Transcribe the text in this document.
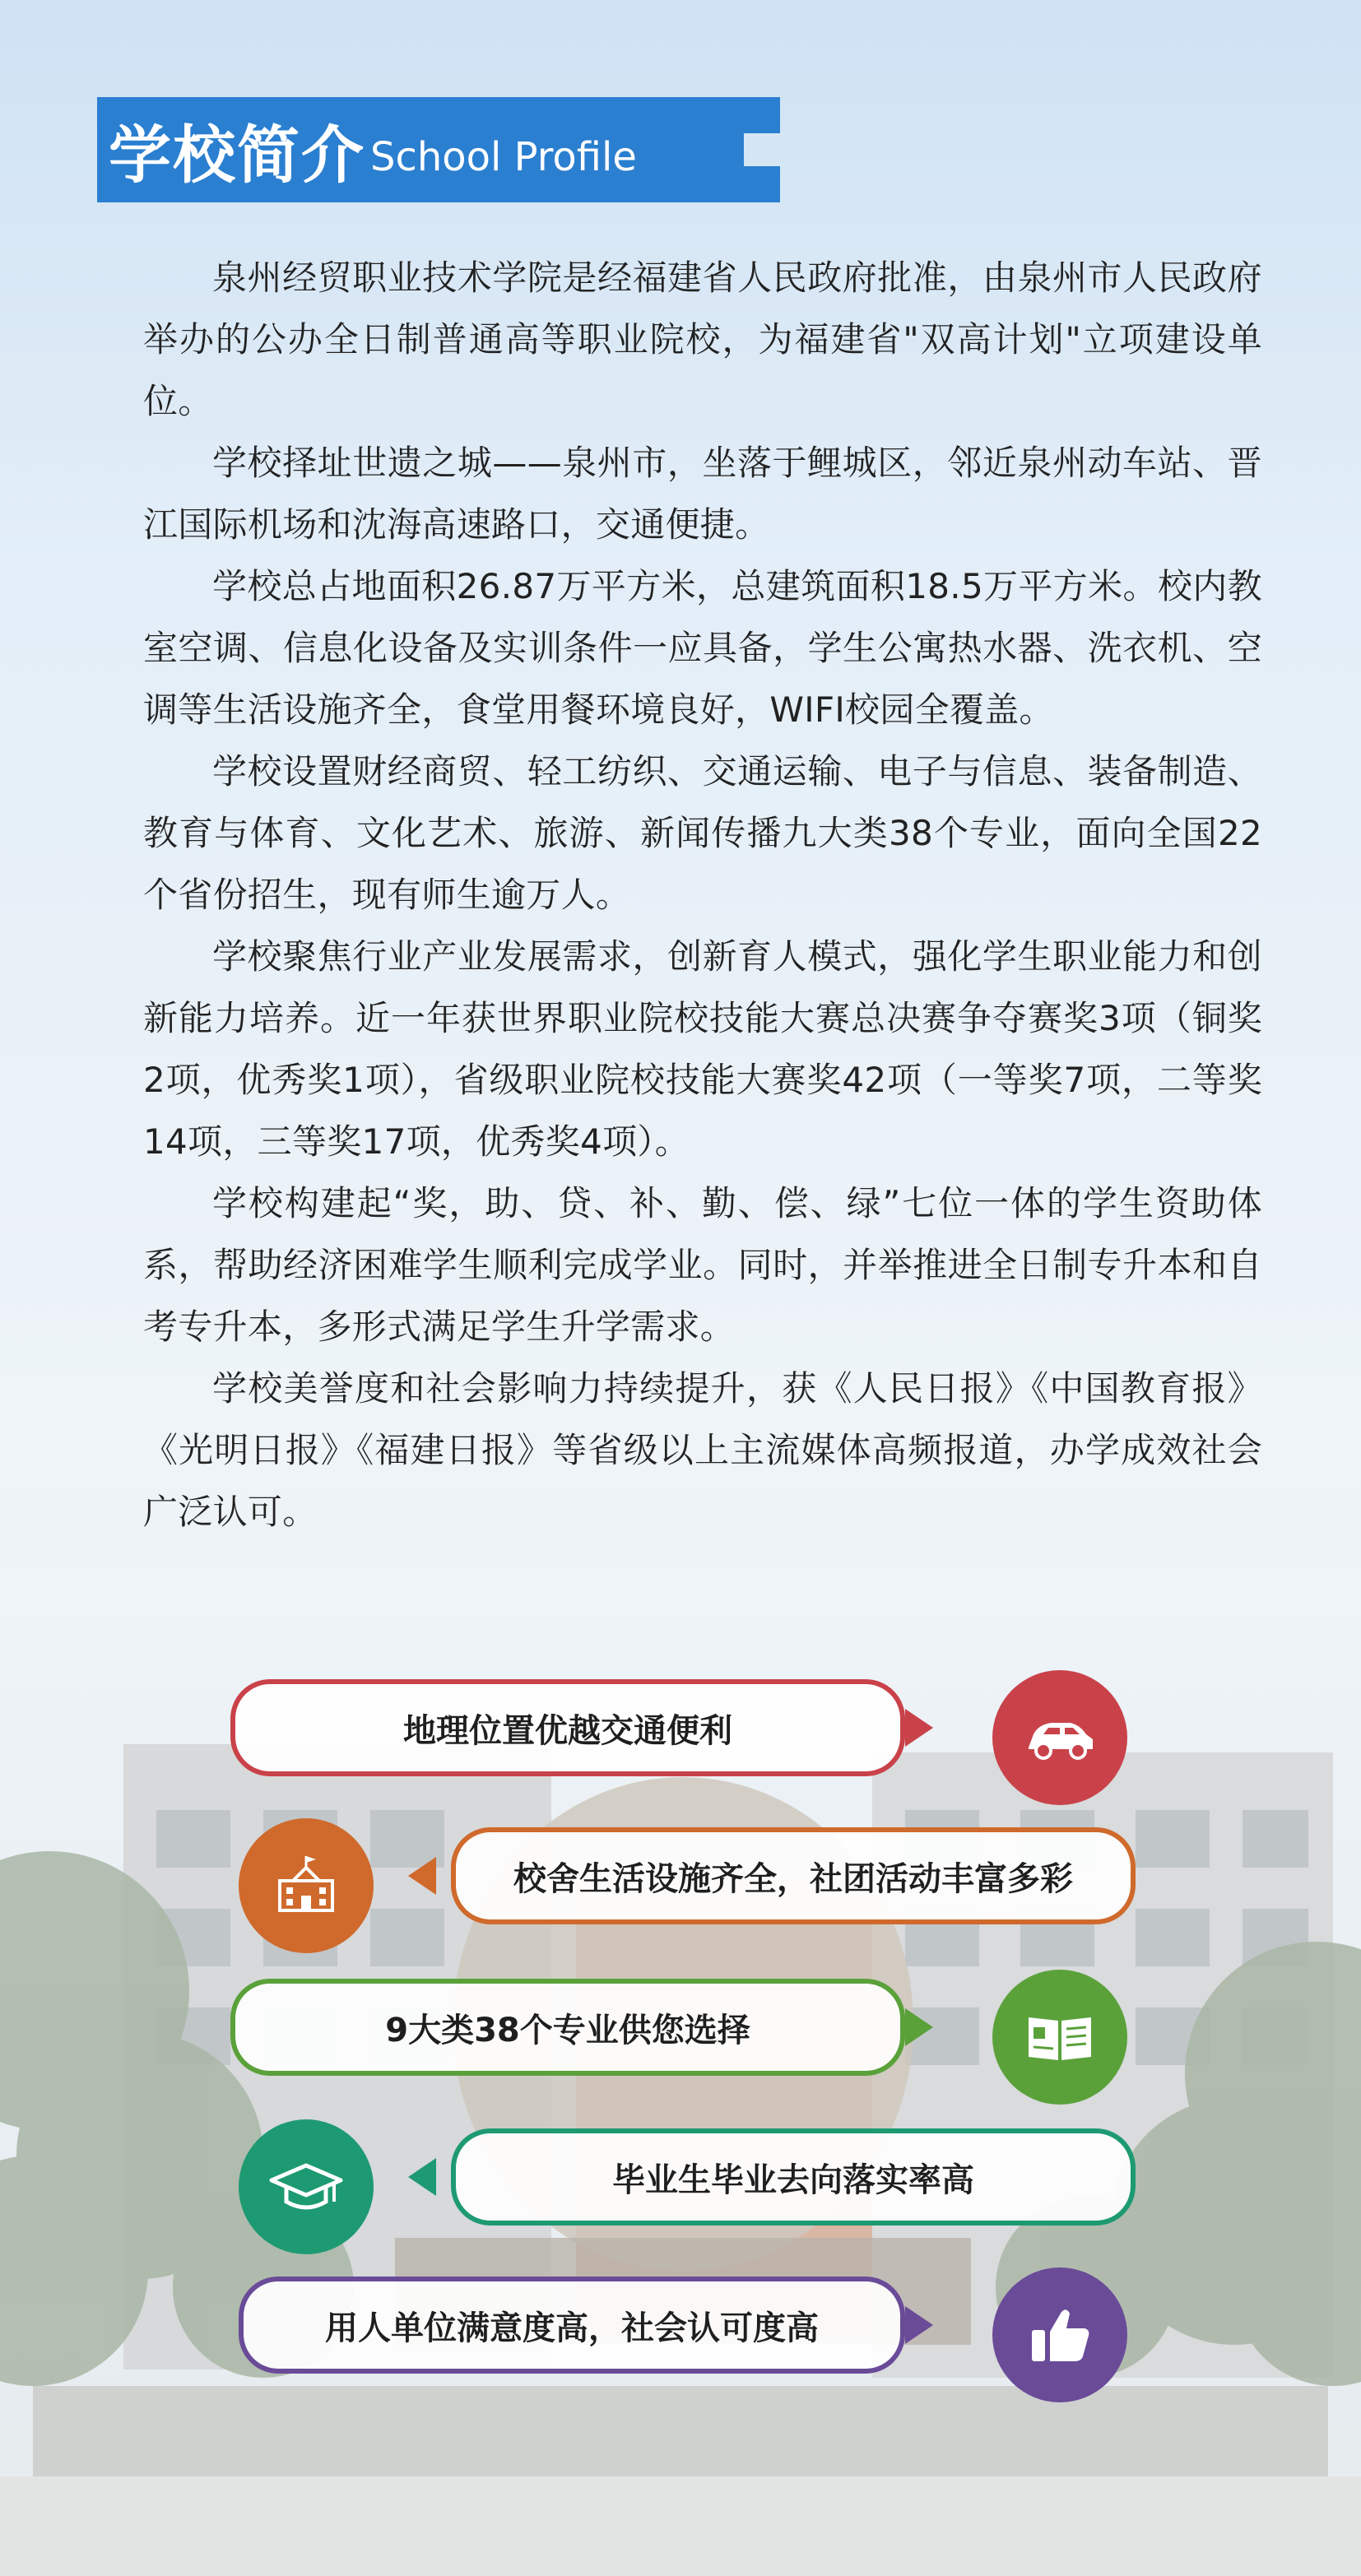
学校简介 School Profile

泉州经贸职业技术学院是经福建省人民政府批准，由泉州市人民政府举办的公办全日制普通高等职业院校，为福建省"双高计划"立项建设单位。

学校择址世遗之城——泉州市，坐落于鲤城区，邻近泉州动车站、晋江国际机场和沈海高速路口，交通便捷。

学校总占地面积26.87万平方米，总建筑面积18.5万平方米。校内教室空调、信息化设备及实训条件一应具备，学生公寓热水器、洗衣机、空调等生活设施齐全，食堂用餐环境良好，WIFI校园全覆盖。

学校设置财经商贸、轻工纺织、交通运输、电子与信息、装备制造、教育与体育、文化艺术、旅游、新闻传播九大类38个专业，面向全国22个省份招生，现有师生逾万人。

学校聚焦行业产业发展需求，创新育人模式，强化学生职业能力和创新能力培养。近一年获世界职业院校技能大赛总决赛争夺赛奖3项（铜奖2项，优秀奖1项），省级职业院校技能大赛奖42项（一等奖7项，二等奖14项，三等奖17项，优秀奖4项）。

学校构建起“奖，助、贷、补、勤、偿、绿”七位一体的学生资助体系，帮助经济困难学生顺利完成学业。同时，并举推进全日制专升本和自考专升本，多形式满足学生升学需求。

学校美誉度和社会影响力持续提升，获《人民日报》《中国教育报》《光明日报》《福建日报》等省级以上主流媒体高频报道，办学成效社会广泛认可。

地理位置优越交通便利
校舍生活设施齐全，社团活动丰富多彩
9大类38个专业供您选择
毕业生毕业去向落实率高
用人单位满意度高，社会认可度高
